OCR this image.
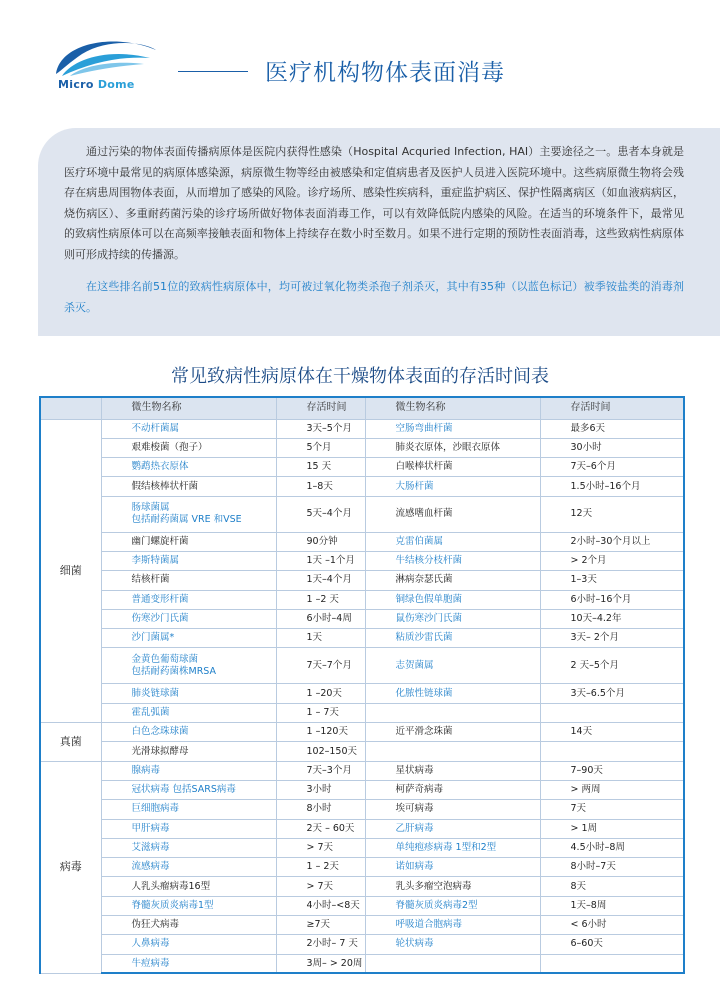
Micro Dome	医疗机构物体表面消毒

通过污染的物体表面传播病原体是医院内获得性感染（Hospital Acquried Infection, HAI）主要途径之一。患者本身就是医疗环境中最常见的病原体感染源，病原微生物等经由被感染和定值病患者及医护人员进入医院环境中。这些病原微生物将会残存在病患周围物体表面，从而增加了感染的风险。诊疗场所、感染性疾病科，重症监护病区、保护性隔离病区（如血液病病区，烧伤病区）、多重耐药菌污染的诊疗场所做好物体表面消毒工作，可以有效降低院内感染的风险。在适当的环境条件下，最常见的致病性病原体可以在高频率接触表面和物体上持续存在数小时至数月。如果不进行定期的预防性表面消毒，这些致病性病原体则可形成持续的传播源。

在这些排名前51位的致病性病原体中，均可被过氧化物类杀孢子剂杀灭，其中有35种（以蓝色标记）被季铵盐类的消毒剂杀灭。

常见致病性病原体在干燥物体表面的存活时间表
	微生物名称	存活时间	微生物名称	存活时间
细菌	不动杆菌属	3天–5个月	空肠弯曲杆菌	最多6天
	艰难梭菌（孢子）	5个月	肺炎衣原体，沙眼衣原体	30小时
	鹦鹉热衣原体	15 天	白喉棒状杆菌	7天–6个月
	假结核棒状杆菌	1–8天	大肠杆菌	1.5小时–16个月

	肠球菌属
包括耐药菌属 VRE 和VSE	5天–4个月	流感嗜血杆菌	12天
	幽门螺旋杆菌	90分钟	克雷伯菌属	2小时–30个月以上
	李斯特菌属	1天 –1个月	牛结核分枝杆菌	> 2个月
	结核杆菌	1天–4个月	淋病奈瑟氏菌	1–3天
	普通变形杆菌	1 –2 天	铜绿色假单胞菌	6小时–16个月
	伤寒沙门氏菌	6小时–4周	鼠伤寒沙门氏菌	10天–4.2年
	沙门菌属*	1天	粘质沙雷氏菌	3天– 2个月

	金黄色葡萄球菌
包括耐药菌株MRSA	7天–7个月	志贺菌属	2 天–5个月
	肺炎链球菌	1 –20天	化脓性链球菌	3天–6.5个月
	霍乱弧菌	1 – 7天		
真菌	白色念珠球菌	1 –120天	近平滑念珠菌	14天
	光滑球拟酵母	102–150天		
病毒	腺病毒	7天–3个月	星状病毒	7–90天
	冠状病毒 包括SARS病毒	3小时	柯萨奇病毒	> 两周
	巨细胞病毒	8小时	埃可病毒	7天
	甲肝病毒	2天 – 60天	乙肝病毒	> 1周
	艾滋病毒	> 7天	单纯疱疹病毒 1型和2型	4.5小时–8周
	流感病毒	1 – 2天	诺如病毒	8小时–7天
	人乳头瘤病毒16型	> 7天	乳头多瘤空泡病毒	8天
	脊髓灰质炎病毒1型	4小时–<8天	脊髓灰质炎病毒2型	1天–8周
	伪狂犬病毒	≥7天	呼吸道合胞病毒	< 6小时
	人鼻病毒	2小时– 7 天	轮状病毒	6–60天
	牛痘病毒	3周– > 20周		
